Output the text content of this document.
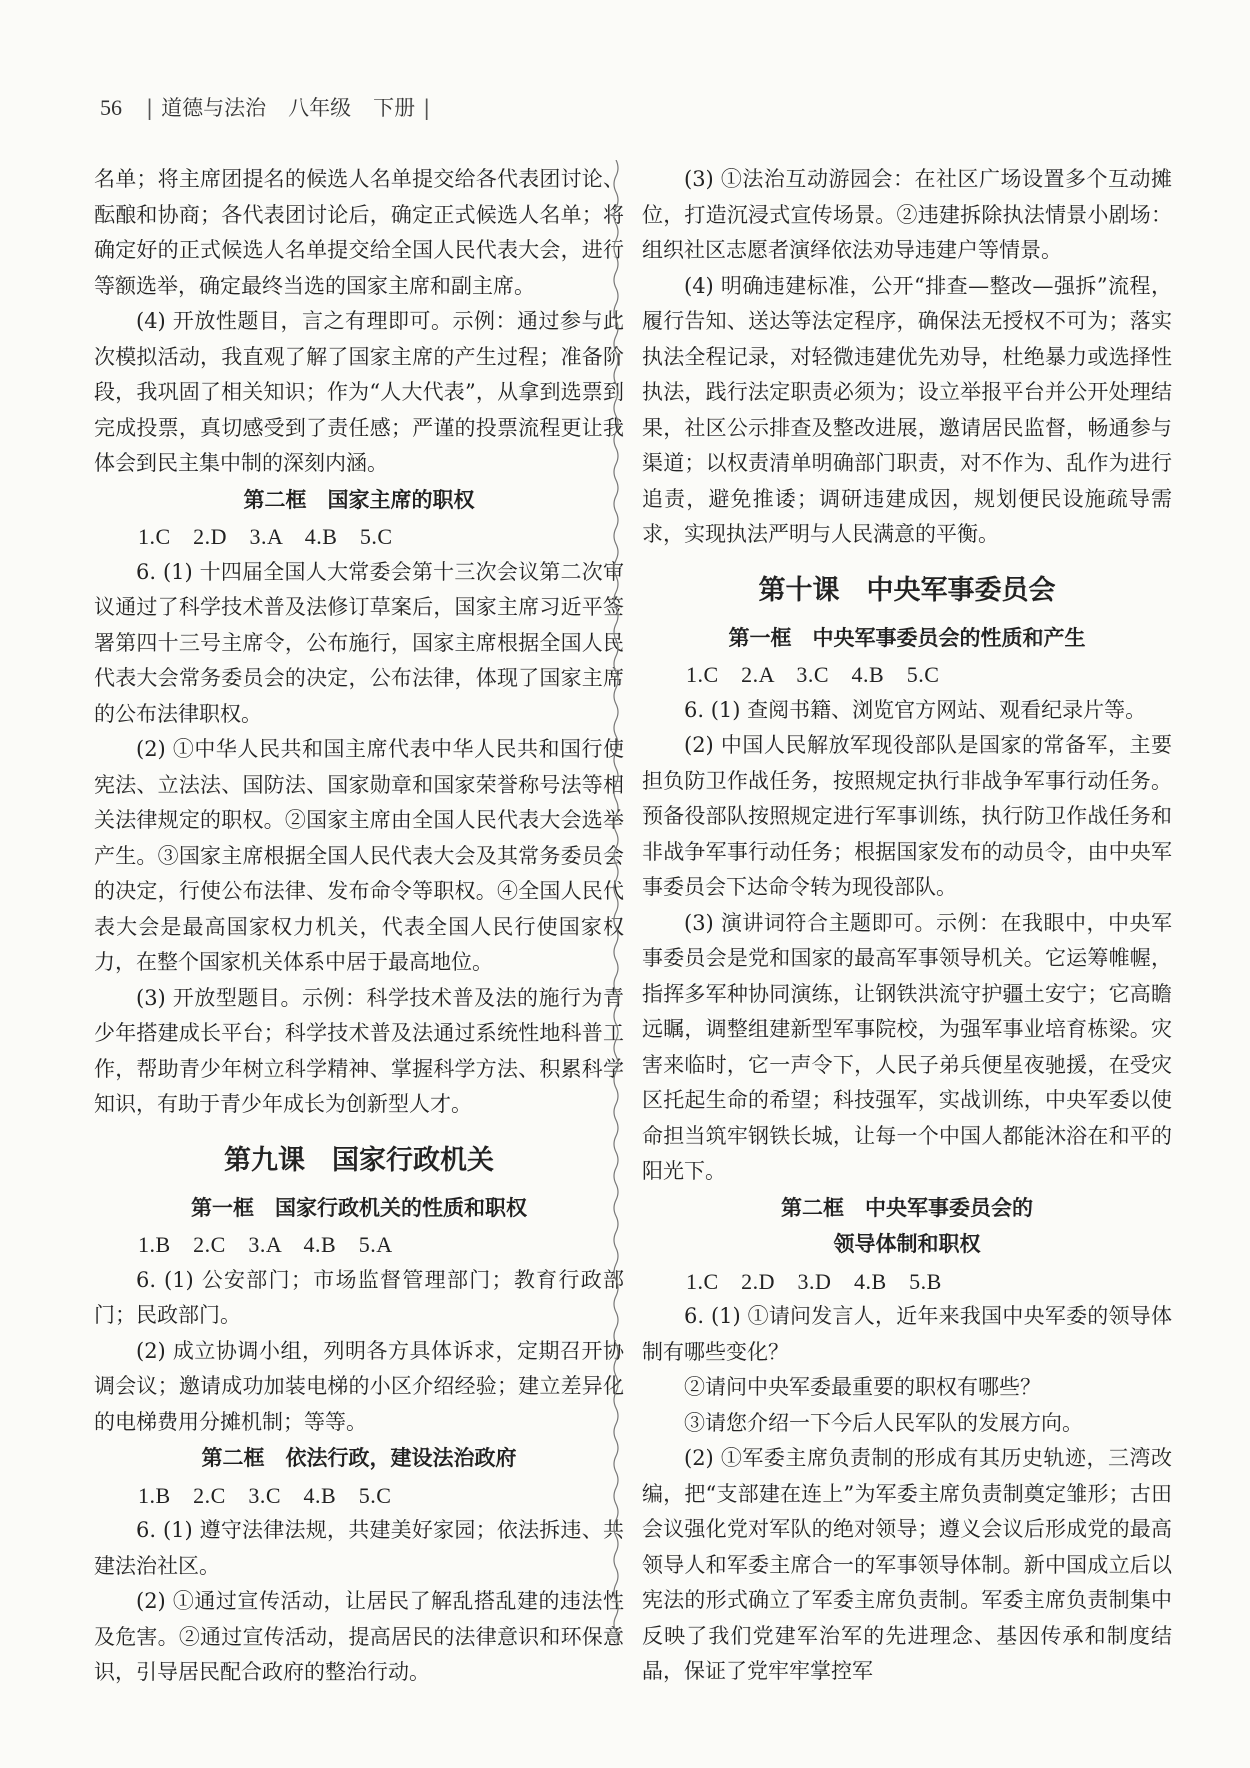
56 | 道德与法治 八年级 下册 |

名单；将主席团提名的候选人名单提交给各代表团讨论、酝酿和协商；各代表团讨论后，确定正式候选人名单；将确定好的正式候选人名单提交给全国人民代表大会，进行等额选举，确定最终当选的国家主席和副主席。

(4) 开放性题目，言之有理即可。示例：通过参与此次模拟活动，我直观了解了国家主席的产生过程；准备阶段，我巩固了相关知识；作为“人大代表”，从拿到选票到完成投票，真切感受到了责任感；严谨的投票流程更让我体会到民主集中制的深刻内涵。

第二框　国家主席的职权

1.C　2.D　3.A　4.B　5.C

6. (1) 十四届全国人大常委会第十三次会议第二次审议通过了科学技术普及法修订草案后，国家主席习近平签署第四十三号主席令，公布施行，国家主席根据全国人民代表大会常务委员会的决定，公布法律，体现了国家主席的公布法律职权。

(2) ①中华人民共和国主席代表中华人民共和国行使宪法、立法法、国防法、国家勋章和国家荣誉称号法等相关法律规定的职权。②国家主席由全国人民代表大会选举产生。③国家主席根据全国人民代表大会及其常务委员会的决定，行使公布法律、发布命令等职权。④全国人民代表大会是最高国家权力机关，代表全国人民行使国家权力，在整个国家机关体系中居于最高地位。

(3) 开放型题目。示例：科学技术普及法的施行为青少年搭建成长平台；科学技术普及法通过系统性地科普工作，帮助青少年树立科学精神、掌握科学方法、积累科学知识，有助于青少年成长为创新型人才。

第九课　国家行政机关
第一框　国家行政机关的性质和职权

1.B　2.C　3.A　4.B　5.A

6. (1) 公安部门；市场监督管理部门；教育行政部门；民政部门。

(2) 成立协调小组，列明各方具体诉求，定期召开协调会议；邀请成功加装电梯的小区介绍经验；建立差异化的电梯费用分摊机制；等等。

第二框　依法行政，建设法治政府

1.B　2.C　3.C　4.B　5.C

6. (1) 遵守法律法规，共建美好家园；依法拆违、共建法治社区。

(2) ①通过宣传活动，让居民了解乱搭乱建的违法性及危害。②通过宣传活动，提高居民的法律意识和环保意识，引导居民配合政府的整治行动。

(3) ①法治互动游园会：在社区广场设置多个互动摊位，打造沉浸式宣传场景。②违建拆除执法情景小剧场：组织社区志愿者演绎依法劝导违建户等情景。

(4) 明确违建标准，公开“排查—整改—强拆”流程，履行告知、送达等法定程序，确保法无授权不可为；落实执法全程记录，对轻微违建优先劝导，杜绝暴力或选择性执法，践行法定职责必须为；设立举报平台并公开处理结果，社区公示排查及整改进展，邀请居民监督，畅通参与渠道；以权责清单明确部门职责，对不作为、乱作为进行追责，避免推诿；调研违建成因，规划便民设施疏导需求，实现执法严明与人民满意的平衡。

第十课　中央军事委员会
第一框　中央军事委员会的性质和产生

1.C　2.A　3.C　4.B　5.C

6. (1) 查阅书籍、浏览官方网站、观看纪录片等。

(2) 中国人民解放军现役部队是国家的常备军，主要担负防卫作战任务，按照规定执行非战争军事行动任务。预备役部队按照规定进行军事训练，执行防卫作战任务和非战争军事行动任务；根据国家发布的动员令，由中央军事委员会下达命令转为现役部队。

(3) 演讲词符合主题即可。示例：在我眼中，中央军事委员会是党和国家的最高军事领导机关。它运筹帷幄，指挥多军种协同演练，让钢铁洪流守护疆土安宁；它高瞻远瞩，调整组建新型军事院校，为强军事业培育栋梁。灾害来临时，它一声令下，人民子弟兵便星夜驰援，在受灾区托起生命的希望；科技强军，实战训练，中央军委以使命担当筑牢钢铁长城，让每一个中国人都能沐浴在和平的阳光下。

第二框　中央军事委员会的
领导体制和职权

1.C　2.D　3.D　4.B　5.B

6. (1) ①请问发言人，近年来我国中央军委的领导体制有哪些变化？

②请问中央军委最重要的职权有哪些？

③请您介绍一下今后人民军队的发展方向。

(2) ①军委主席负责制的形成有其历史轨迹，三湾改编，把“支部建在连上”为军委主席负责制奠定雏形；古田会议强化党对军队的绝对领导；遵义会议后形成党的最高领导人和军委主席合一的军事领导体制。新中国成立后以宪法的形式确立了军委主席负责制。军委主席负责制集中反映了我们党建军治军的先进理念、基因传承和制度结晶，保证了党牢牢掌控军
